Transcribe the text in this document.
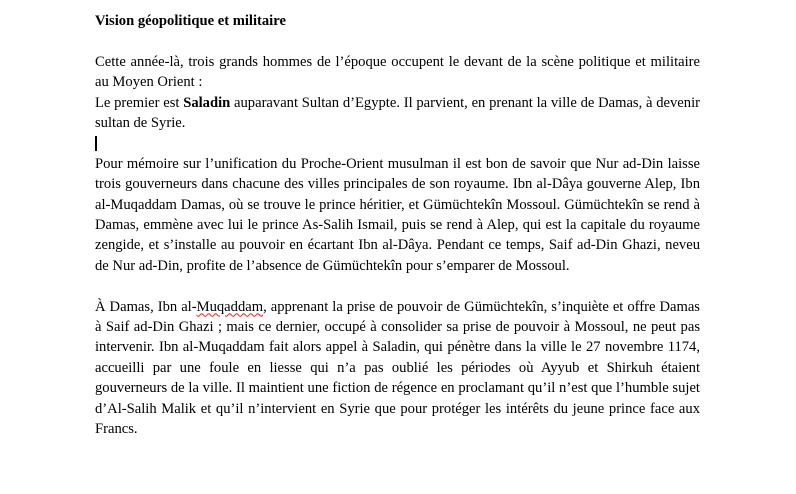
Vision géopolitique et militaire

Cette année-là, trois grands hommes de l’époque occupent le devant de la scène politique et militaire au Moyen Orient :

Le premier est Saladin auparavant Sultan d’Egypte. Il parvient, en prenant la ville de Damas, à devenir sultan de Syrie.

Pour mémoire sur l’unification du Proche-Orient musulman il est bon de savoir que Nur ad-Din laisse trois gouverneurs dans chacune des villes principales de son royaume. Ibn al-Dâya gouverne Alep, Ibn al-Muqaddam Damas, où se trouve le prince héritier, et Gümüchtekîn Mossoul. Gümüchtekîn se rend à Damas, emmène avec lui le prince As-Salih Ismail, puis se rend à Alep, qui est la capitale du royaume zengide, et s’installe au pouvoir en écartant Ibn al-Dâya. Pendant ce temps, Saif ad-Din Ghazi, neveu de Nur ad-Din, profite de l’absence de Gümüchtekîn pour s’emparer de Mossoul.

À Damas, Ibn al-Muqaddam, apprenant la prise de pouvoir de Gümüchtekîn, s’inquiète et offre Damas à Saif ad-Din Ghazi ; mais ce dernier, occupé à consolider sa prise de pouvoir à Mossoul, ne peut pas intervenir. Ibn al-Muqaddam fait alors appel à Saladin, qui pénètre dans la ville le 27 novembre 1174, accueilli par une foule en liesse qui n’a pas oublié les périodes où Ayyub et Shirkuh étaient gouverneurs de la ville. Il maintient une fiction de régence en proclamant qu’il n’est que l’humble sujet d’Al-Salih Malik et qu’il n’intervient en Syrie que pour protéger les intérêts du jeune prince face aux Francs.
